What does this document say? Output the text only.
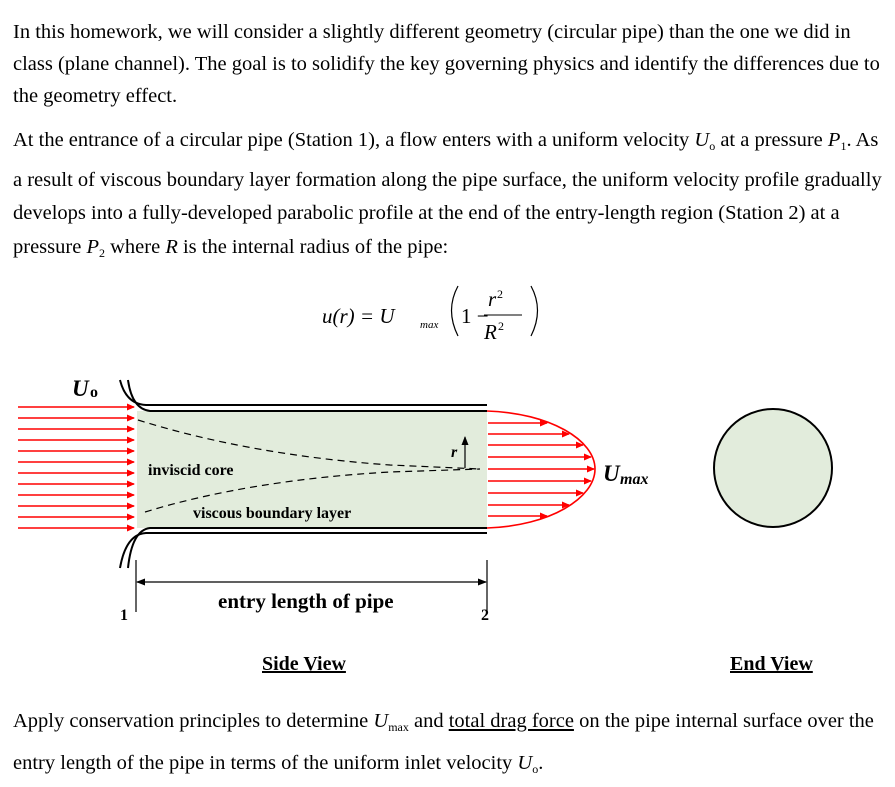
In this homework, we will consider a slightly different geometry (circular pipe) than the one we did in class (plane channel). The goal is to solidify the key governing physics and identify the differences due to the geometry effect.

At the entrance of a circular pipe (Station 1), a flow enters with a uniform velocity $U_o$ at a pressure $P_1$. As a result of viscous boundary layer formation along the pipe surface, the uniform velocity profile gradually develops into a fully-developed parabolic profile at the end of the entry-length region (Station 2) at a pressure $P_2$ where R is the internal radius of the pipe:

u(r) = U max 1 −
r 2
R 2
r
U o
inviscid core
viscous boundary layer
U max
entry length of pipe
1	2
Side View	End View

Apply conservation principles to determine $U_{max}$ and total drag force on the pipe internal surface over the entry length of the pipe in terms of the uniform inlet velocity $U_o$.
